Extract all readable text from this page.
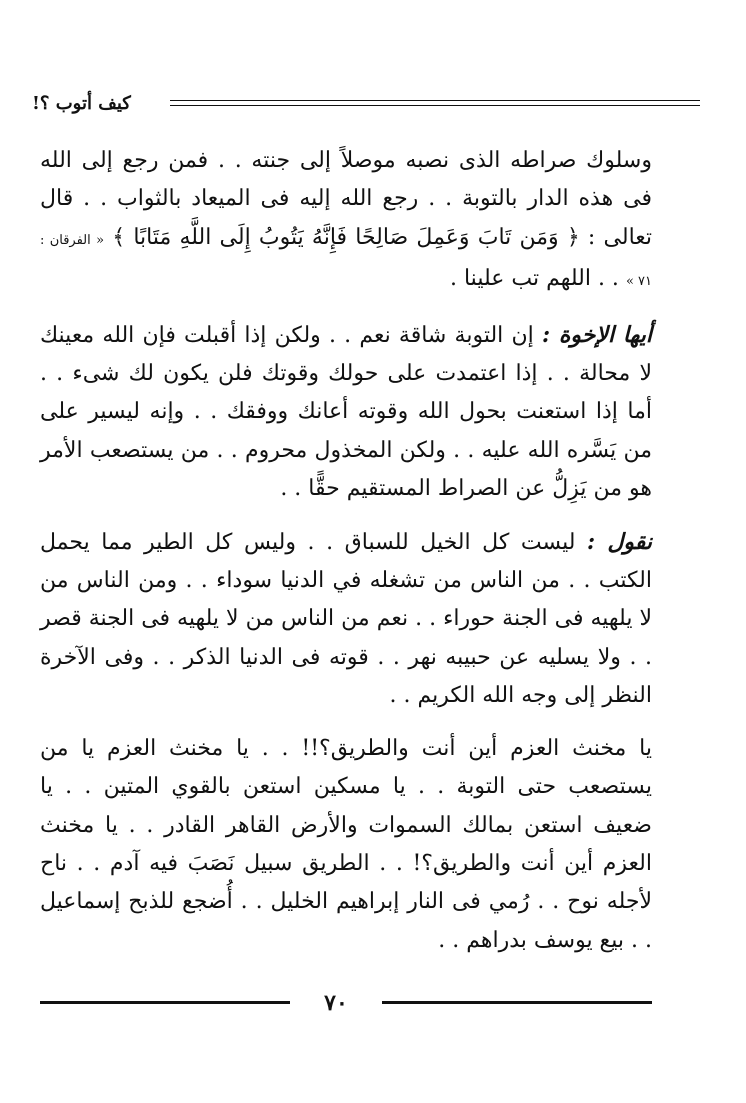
كيف أتوب ؟!

وسلوك صراطه الذى نصبه موصلاً إلى جنته . . فمن رجع إلى الله فى هذه الدار بالتوبة . . رجع الله إليه فى الميعاد بالثواب . . قال تعالى : ﴿ وَمَن تَابَ وَعَمِلَ صَالِحًا فَإِنَّهُ يَتُوبُ إِلَى اللَّهِ مَتَابًا ﴾ « الفرقان : ٧١ » . . اللهم تب علينا .

أيها الإخوة : إن التوبة شاقة نعم . . ولكن إذا أقبلت فإن الله معينك لا محالة . . إذا اعتمدت على حولك وقوتك فلن يكون لك شىء . . أما إذا استعنت بحول الله وقوته أعانك ووفقك . . وإنه ليسير على من يَسَّره الله عليه . . ولكن المخذول محروم . . من يستصعب الأمر هو من يَزِلُّ عن الصراط المستقيم حقًّا . .

نقول : ليست كل الخيل للسباق . . وليس كل الطير مما يحمل الكتب . . من الناس من تشغله في الدنيا سوداء . . ومن الناس من لا يلهيه فى الجنة حوراء . . نعم من الناس من لا يلهيه فى الجنة قصر . . ولا يسليه عن حبيبه نهر . . قوته فى الدنيا الذكر . . وفى الآخرة النظر إلى وجه الله الكريم . .

يا مخنث العزم أين أنت والطريق؟!! . . يا مخنث العزم يا من يستصعب حتى التوبة . . يا مسكين استعن بالقوي المتين . . يا ضعيف استعن بمالك السموات والأرض القاهر القادر . . يا مخنث العزم أين أنت والطريق؟! . . الطريق سبيل نَصَبَ فيه آدم . . ناح لأجله نوح . . رُمي فى النار إبراهيم الخليل . . أُضجع للذبح إسماعيل . . بيع يوسف بدراهم . .

٧٠
